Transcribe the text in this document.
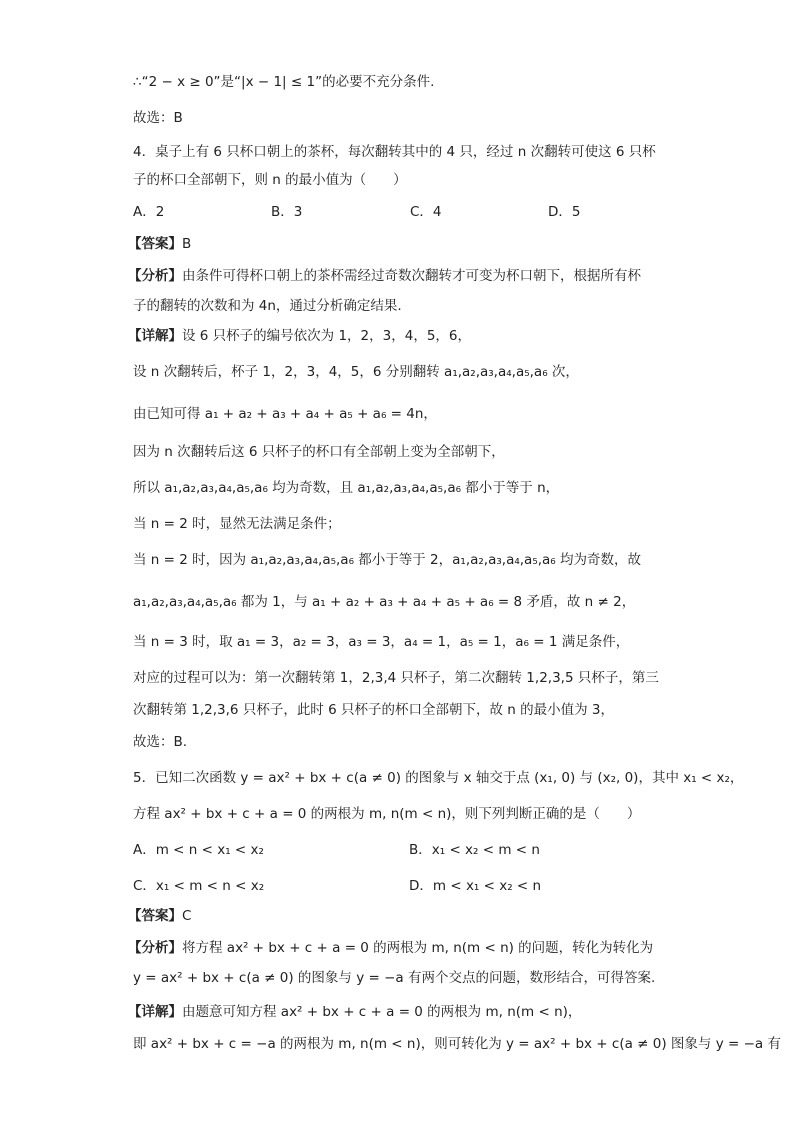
∴“2 − x ≥ 0”是“|x − 1| ≤ 1”的必要不充分条件.
故选：B
4．桌子上有 6 只杯口朝上的茶杯，每次翻转其中的 4 只，经过 n 次翻转可使这 6 只杯
子的杯口全部朝下，则 n 的最小值为（　　）
A．2	B．3	C．4	D．5
【答案】B
【分析】由条件可得杯口朝上的茶杯需经过奇数次翻转才可变为杯口朝下，根据所有杯
子的翻转的次数和为 4n，通过分析确定结果.
【详解】设 6 只杯子的编号依次为 1，2，3，4，5，6，
设 n 次翻转后，杯子 1，2，3，4，5，6 分别翻转 a₁,a₂,a₃,a₄,a₅,a₆ 次，
由已知可得 a₁ + a₂ + a₃ + a₄ + a₅ + a₆ = 4n，
因为 n 次翻转后这 6 只杯子的杯口有全部朝上变为全部朝下，
所以 a₁,a₂,a₃,a₄,a₅,a₆ 均为奇数，且 a₁,a₂,a₃,a₄,a₅,a₆ 都小于等于 n，
当 n = 2 时，显然无法满足条件；
当 n = 2 时，因为 a₁,a₂,a₃,a₄,a₅,a₆ 都小于等于 2，a₁,a₂,a₃,a₄,a₅,a₆ 均为奇数，故
a₁,a₂,a₃,a₄,a₅,a₆ 都为 1，与 a₁ + a₂ + a₃ + a₄ + a₅ + a₆ = 8 矛盾，故 n ≠ 2，
当 n = 3 时，取 a₁ = 3，a₂ = 3，a₃ = 3，a₄ = 1，a₅ = 1，a₆ = 1 满足条件，
对应的过程可以为：第一次翻转第 1，2,3,4 只杯子，第二次翻转 1,2,3,5 只杯子，第三
次翻转第 1,2,3,6 只杯子，此时 6 只杯子的杯口全部朝下，故 n 的最小值为 3，
故选：B.
5．已知二次函数 y = ax² + bx + c(a ≠ 0) 的图象与 x 轴交于点 (x₁, 0) 与 (x₂, 0)，其中 x₁ < x₂，
方程 ax² + bx + c + a = 0 的两根为 m, n(m < n)，则下列判断正确的是（　　）
A．m < n < x₁ < x₂	B．x₁ < x₂ < m < n
C．x₁ < m < n < x₂	D．m < x₁ < x₂ < n
【答案】C
【分析】将方程 ax² + bx + c + a = 0 的两根为 m, n(m < n) 的问题，转化为转化为
y = ax² + bx + c(a ≠ 0) 的图象与 y = −a 有两个交点的问题，数形结合，可得答案.
【详解】由题意可知方程 ax² + bx + c + a = 0 的两根为 m, n(m < n)，
即 ax² + bx + c = −a 的两根为 m, n(m < n)，则可转化为 y = ax² + bx + c(a ≠ 0) 图象与 y = −a 有
